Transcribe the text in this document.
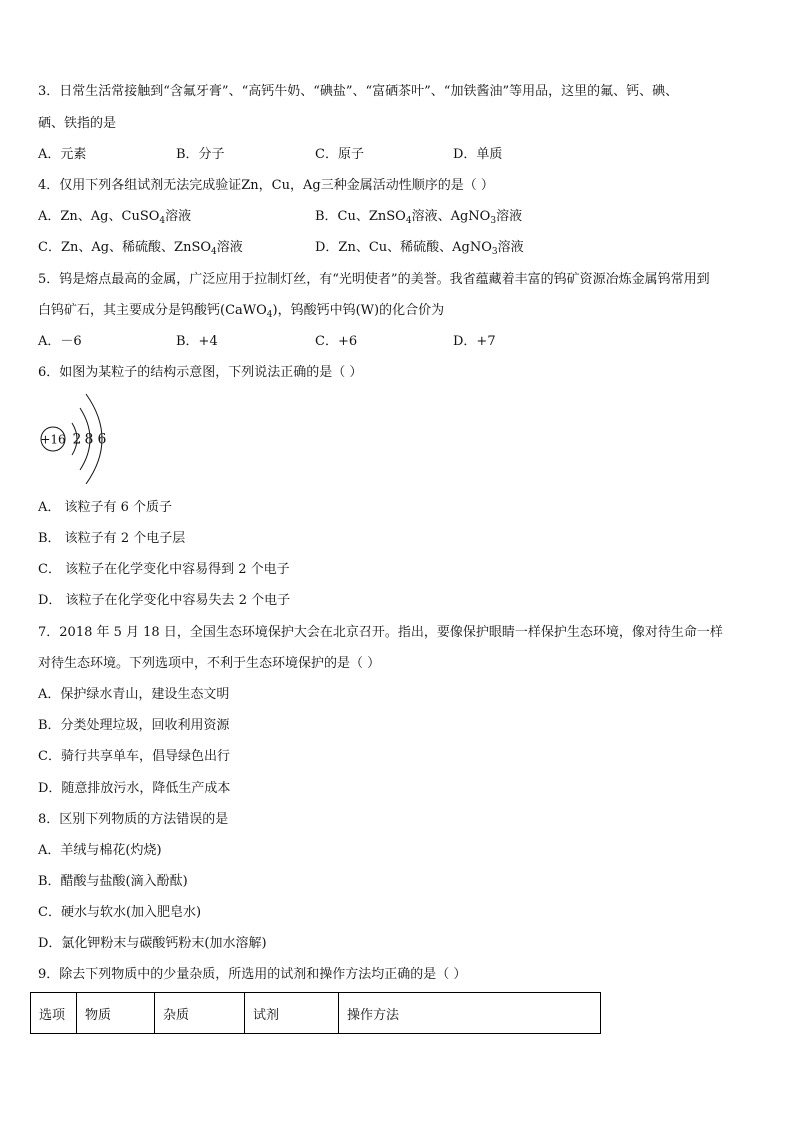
3．日常生活常接触到“含氟牙膏”、“高钙牛奶、“碘盐”、“富硒茶叶”、“加铁酱油”等用品，这里的氟、钙、碘、
硒、铁指的是
A．元素	B．分子	C．原子	D．单质
4．仅用下列各组试剂无法完成验证Zn，Cu，Ag三种金属活动性顺序的是（ ）
A．Zn、Ag、CuSO$_4$溶液	B．Cu、ZnSO$_4$溶液、AgNO$_3$溶液
C．Zn、Ag、稀硫酸、ZnSO$_4$溶液	D．Zn、Cu、稀硫酸、AgNO$_3$溶液
5．钨是熔点最高的金属，广泛应用于拉制灯丝，有“光明使者”的美誉。我省蕴藏着丰富的钨矿资源冶炼金属钨常用到
白钨矿石，其主要成分是钨酸钙(CaWO$_4$)，钨酸钙中钨(W)的化合价为
A．－6	B．+4	C．+6	D．+7
6．如图为某粒子的结构示意图，下列说法正确的是（ ）
+16 2 8 6
A． 该粒子有 6 个质子
B． 该粒子有 2 个电子层
C． 该粒子在化学变化中容易得到 2 个电子
D． 该粒子在化学变化中容易失去 2 个电子
7．2018 年 5 月 18 日，全国生态环境保护大会在北京召开。指出，要像保护眼睛一样保护生态环境，像对待生命一样
对待生态环境。下列选项中，不利于生态环境保护的是（ ）
A．保护绿水青山，建设生态文明
B．分类处理垃圾，回收利用资源
C．骑行共享单车，倡导绿色出行
D．随意排放污水，降低生产成本
8．区别下列物质的方法错误的是
A．羊绒与棉花(灼烧)
B．醋酸与盐酸(滴入酚酞)
C．硬水与软水(加入肥皂水)
D．氯化钾粉末与碳酸钙粉末(加水溶解)
9．除去下列物质中的少量杂质，所选用的试剂和操作方法均正确的是（ ）
选项	物质	杂质	试剂	操作方法
